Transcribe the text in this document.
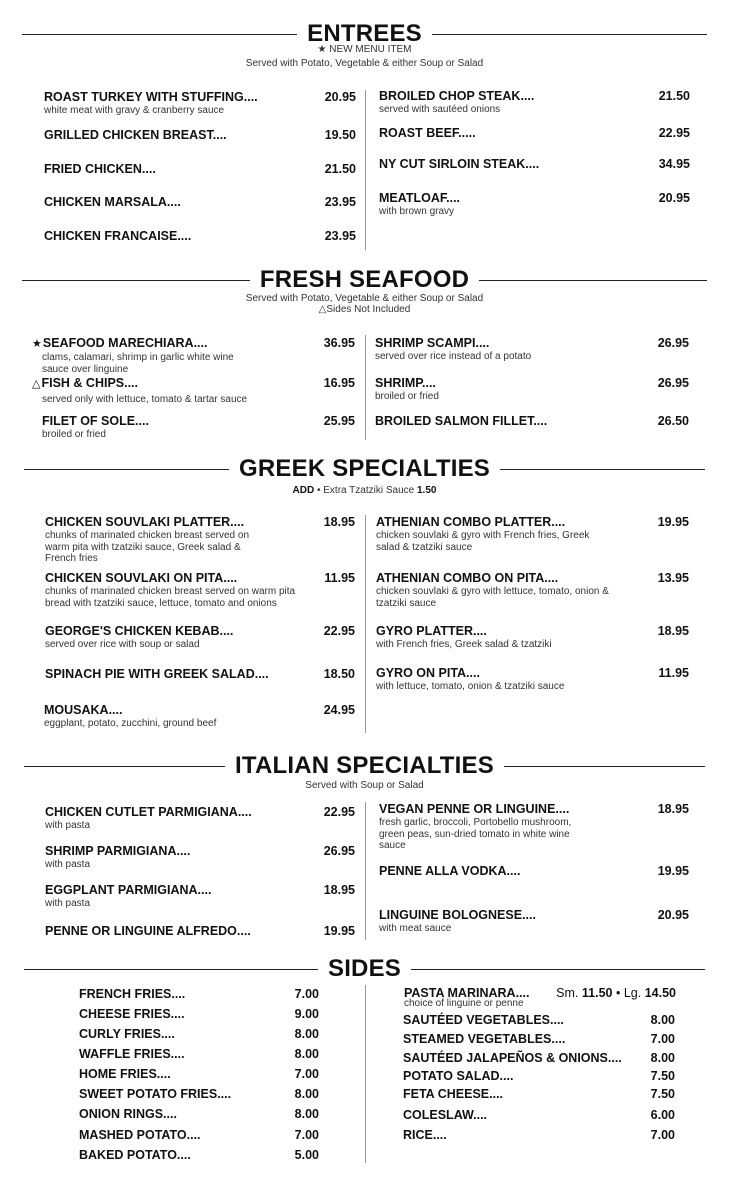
ENTREES
★ NEW MENU ITEM
Served with Potato, Vegetable & either Soup or Salad
ROAST TURKEY WITH STUFFING....
white meat with gravy & cranberry sauce
20.95
GRILLED CHICKEN BREAST....	19.50
FRIED CHICKEN....	21.50
CHICKEN MARSALA....	23.95
CHICKEN FRANCAISE....	23.95
BROILED CHOP STEAK....
served with sautéed onions
21.50
ROAST BEEF.....	22.95
NY CUT SIRLOIN STEAK....	34.95
MEATLOAF....
with brown gravy
20.95
FRESH SEAFOOD
Served with Potato, Vegetable & either Soup or Salad
△Sides Not Included
★SEAFOOD MARECHIARA....
clams, calamari, shrimp in garlic white wine sauce over linguine
36.95
△FISH & CHIPS....
served only with lettuce, tomato & tartar sauce
16.95
FILET OF SOLE....
broiled or fried
25.95
SHRIMP SCAMPI....
served over rice instead of a potato
26.95
SHRIMP....
broiled or fried
26.95
BROILED SALMON FILLET....	26.50
GREEK SPECIALTIES
ADD • Extra Tzatziki Sauce 1.50
CHICKEN SOUVLAKI PLATTER....
chunks of marinated chicken breast served on warm pita with tzatziki sauce, Greek salad & French fries
18.95
CHICKEN SOUVLAKI ON PITA....
chunks of marinated chicken breast served on warm pita bread with tzatziki sauce, lettuce, tomato and onions
11.95
GEORGE'S CHICKEN KEBAB....
served over rice with soup or salad
22.95
SPINACH PIE WITH GREEK SALAD....	18.50
MOUSAKA....
eggplant, potato, zucchini, ground beef
24.95
ATHENIAN COMBO PLATTER....
chicken souvlaki & gyro with French fries, Greek salad & tzatziki sauce
19.95
ATHENIAN COMBO ON PITA....
chicken souvlaki & gyro with lettuce, tomato, onion & tzatziki sauce
13.95
GYRO PLATTER....
with French fries, Greek salad & tzatziki
18.95
GYRO ON PITA....
with lettuce, tomato, onion & tzatziki sauce
11.95
ITALIAN SPECIALTIES
Served with Soup or Salad
CHICKEN CUTLET PARMIGIANA....
with pasta
22.95
SHRIMP PARMIGIANA....
with pasta
26.95
EGGPLANT PARMIGIANA....
with pasta
18.95
PENNE OR LINGUINE ALFREDO....	19.95
VEGAN PENNE OR LINGUINE....
fresh garlic, broccoli, Portobello mushroom, green peas, sun-dried tomato in white wine sauce
18.95
PENNE ALLA VODKA....	19.95
LINGUINE BOLOGNESE....
with meat sauce
20.95
SIDES
FRENCH FRIES....	7.00
CHEESE FRIES....	9.00
CURLY FRIES....	8.00
WAFFLE FRIES....	8.00
HOME FRIES....	7.00
SWEET POTATO FRIES....	8.00
ONION RINGS....	8.00
MASHED POTATO....	7.00
BAKED POTATO....	5.00
PASTA MARINARA....
choice of linguine or penne
Sm. 11.50 • Lg. 14.50
SAUTÉED VEGETABLES....	8.00
STEAMED VEGETABLES....	7.00
SAUTÉED JALAPEÑOS & ONIONS....	8.00
POTATO SALAD....	7.50
FETA CHEESE....	7.50
COLESLAW....	6.00
RICE....	7.00
